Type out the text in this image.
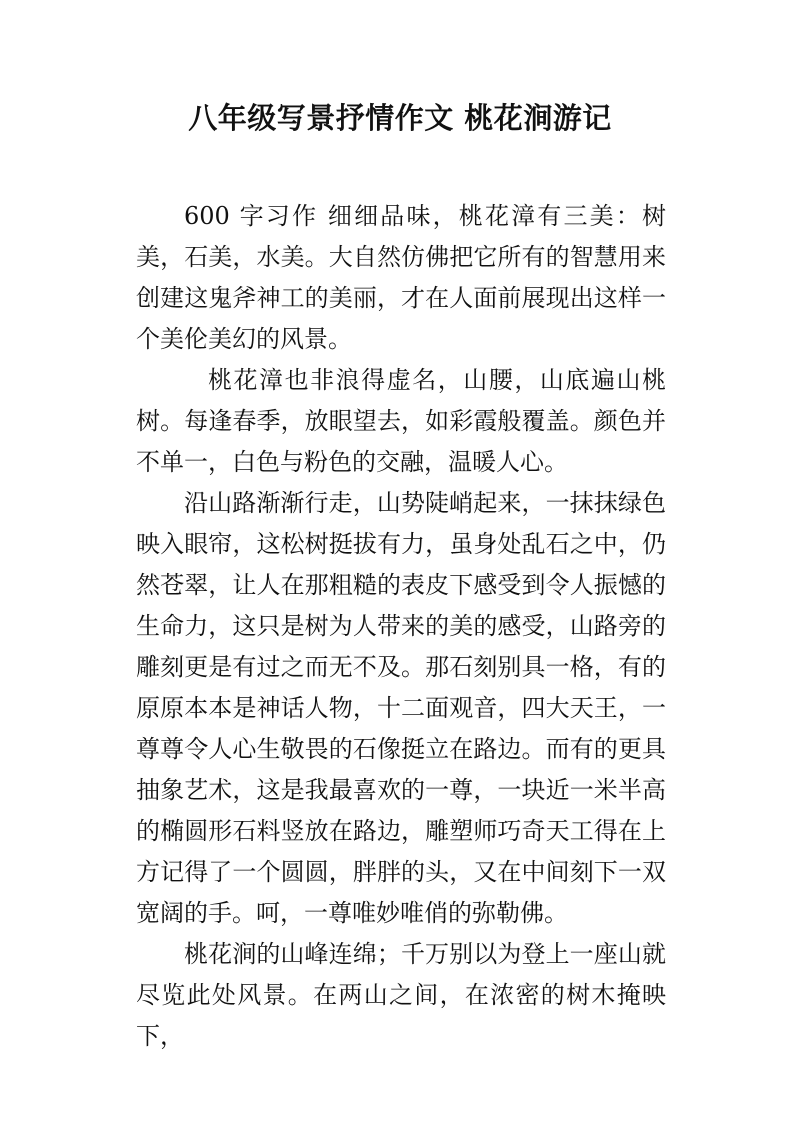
八年级写景抒情作文 桃花涧游记

600 字习作 细细品味，桃花漳有三美：树美，石美，水美。大自然仿佛把它所有的智慧用来创建这鬼斧神工的美丽，才在人面前展现出这样一个美伦美幻的风景。

桃花漳也非浪得虚名，山腰，山底遍山桃树。每逢春季，放眼望去，如彩霞般覆盖。颜色并不单一，白色与粉色的交融，温暖人心。

沿山路渐渐行走，山势陡峭起来，一抹抹绿色映入眼帘，这松树挺拔有力，虽身处乱石之中，仍然苍翠，让人在那粗糙的表皮下感受到令人振憾的生命力，这只是树为人带来的美的感受，山路旁的雕刻更是有过之而无不及。那石刻别具一格，有的原原本本是神话人物，十二面观音，四大天王，一尊尊令人心生敬畏的石像挺立在路边。而有的更具抽象艺术，这是我最喜欢的一尊，一块近一米半高的椭圆形石料竖放在路边，雕塑师巧奇天工得在上方记得了一个圆圆，胖胖的头，又在中间刻下一双宽阔的手。呵，一尊唯妙唯俏的弥勒佛。

桃花涧的山峰连绵；千万别以为登上一座山就尽览此处风景。在两山之间，在浓密的树木掩映下，
